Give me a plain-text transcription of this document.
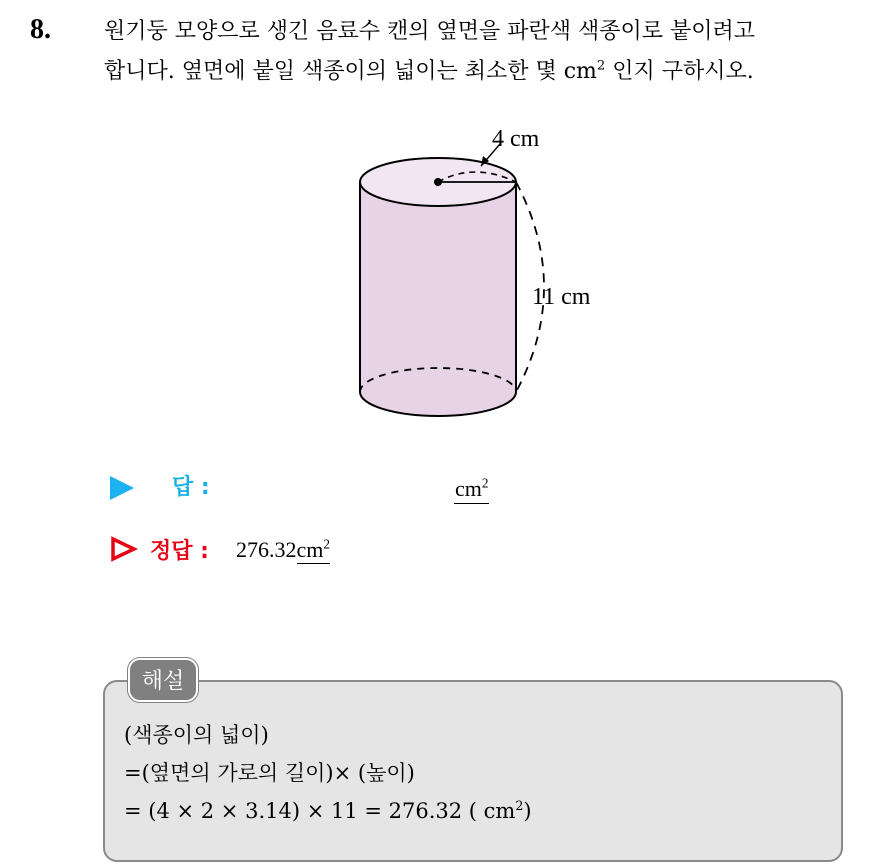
8. 원기둥 모양으로 생긴 음료수 캔의 옆면을 파란색 색종이로 붙이려고
합니다. 옆면에 붙일 색종이의 넓이는 최소한 몇 $cm^2$ 인지 구하시오.
4 cm
11 cm
답 :	$cm^2$
정답 : $276.32cm^2$
해설
(색종이의 넓이)
=(옆면의 가로의 길이)× (높이)
= (4 × 2 × 3.14) × 11 = 276.32 ( $cm^2$)
